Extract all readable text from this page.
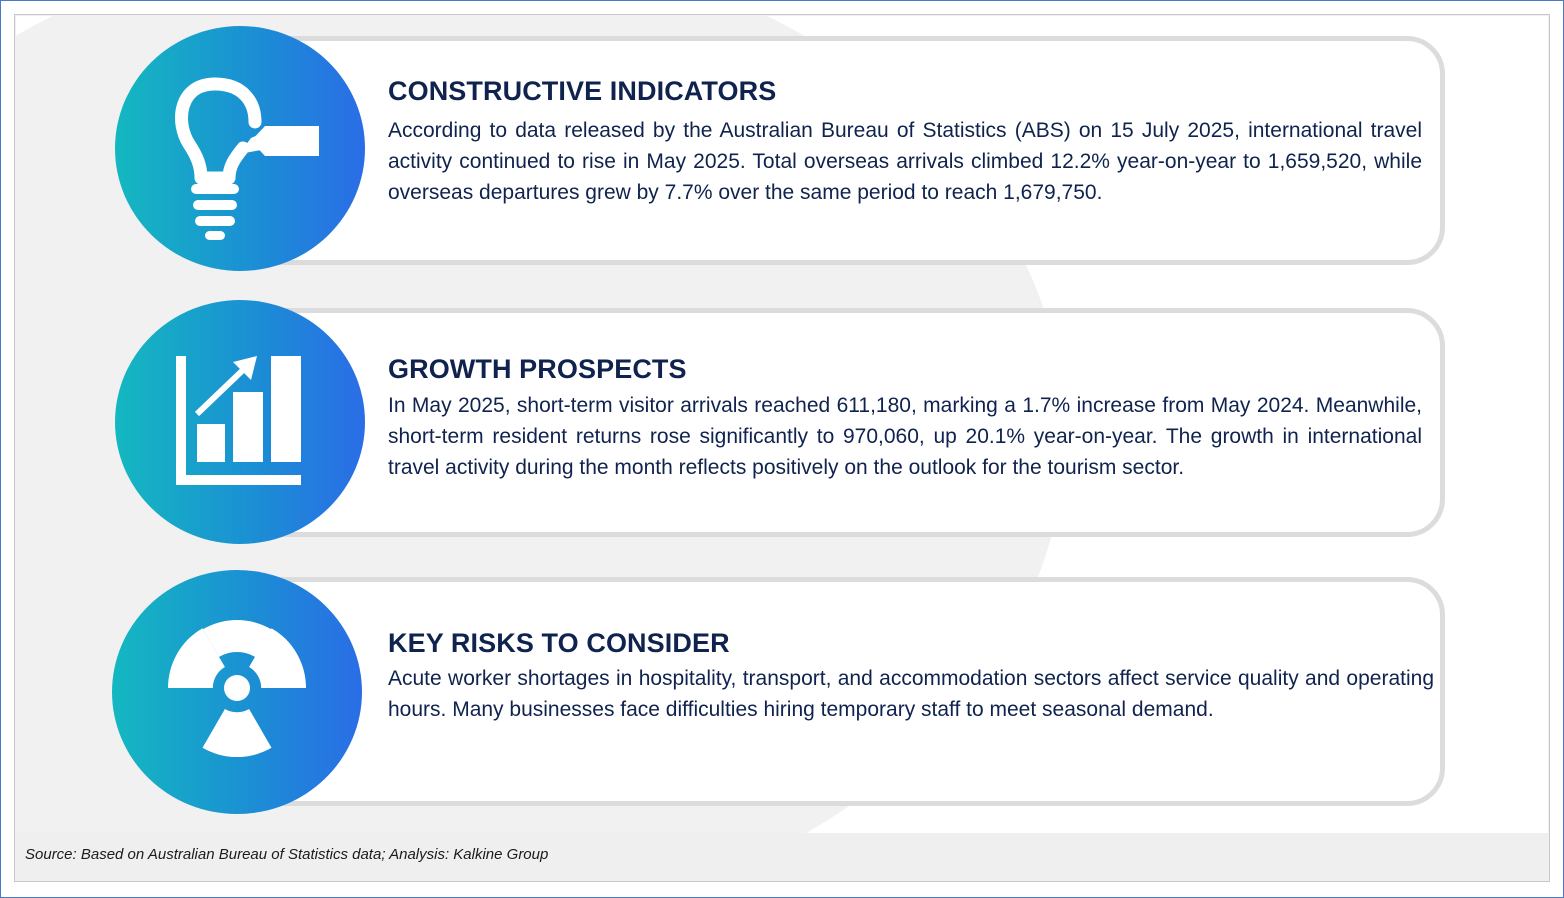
CONSTRUCTIVE INDICATORS

According to data released by the Australian Bureau of Statistics (ABS) on 15 July 2025, international travel activity continued to rise in May 2025. Total overseas arrivals climbed 12.2% year-on-year to 1,659,520, while overseas departures grew by 7.7% over the same period to reach 1,679,750.

GROWTH PROSPECTS

In May 2025, short-term visitor arrivals reached 611,180, marking a 1.7% increase from May 2024. Meanwhile, short-term resident returns rose significantly to 970,060, up 20.1% year-on-year. The growth in international travel activity during the month reflects positively on the outlook for the tourism sector.

KEY RISKS TO CONSIDER

Acute worker shortages in hospitality, transport, and accommodation sectors affect service quality and operating hours. Many businesses face difficulties hiring temporary staff to meet seasonal demand.

Source: Based on Australian Bureau of Statistics data; Analysis: Kalkine Group
